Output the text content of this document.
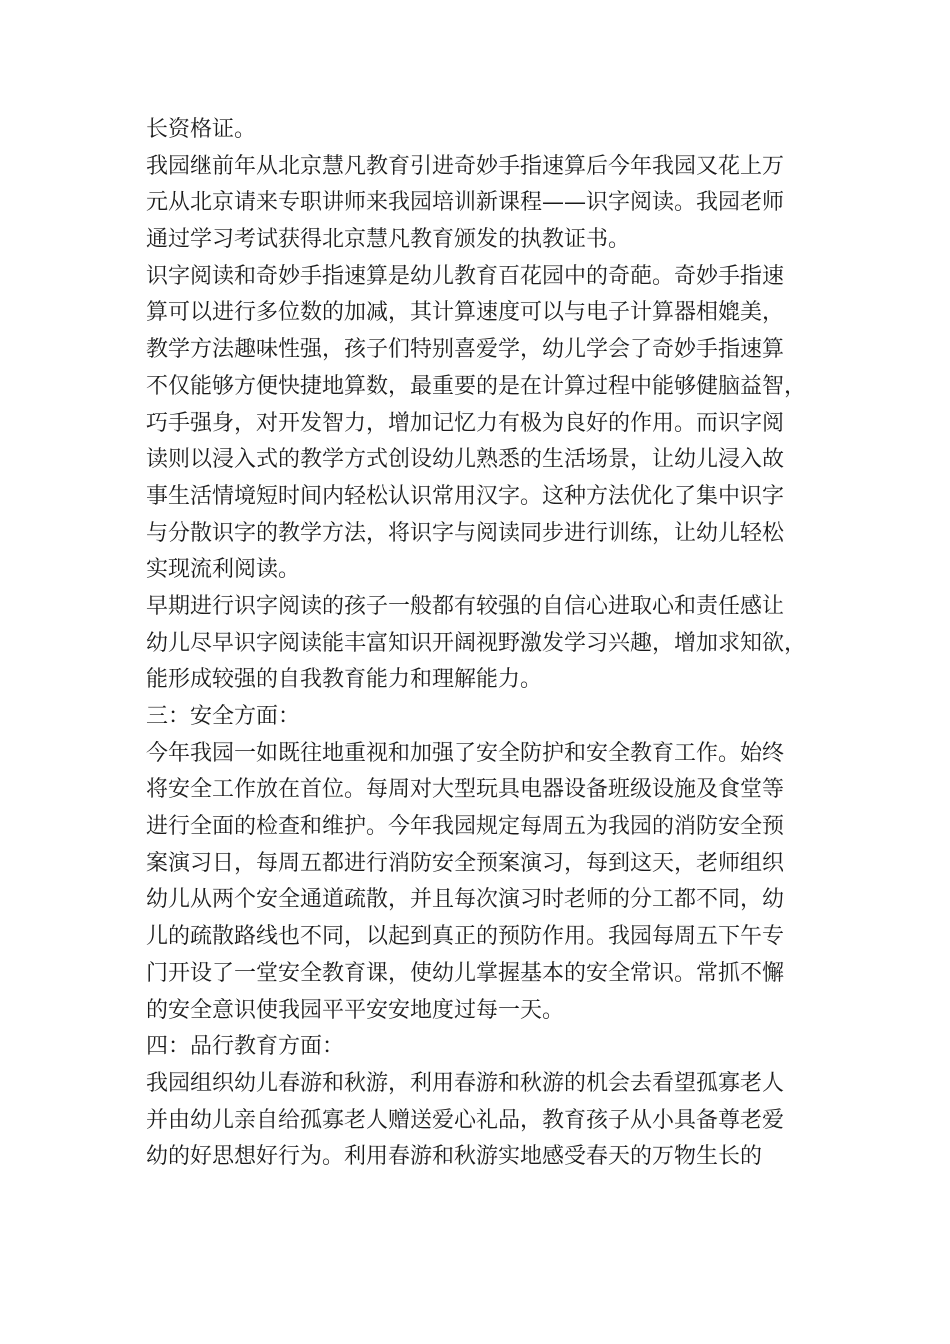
长资格证。
我园继前年从北京慧凡教育引进奇妙手指速算后今年我园又花上万
元从北京请来专职讲师来我园培训新课程——识字阅读。我园老师
通过学习考试获得北京慧凡教育颁发的执教证书。
识字阅读和奇妙手指速算是幼儿教育百花园中的奇葩。奇妙手指速
算可以进行多位数的加减，其计算速度可以与电子计算器相媲美，
教学方法趣味性强，孩子们特别喜爱学，幼儿学会了奇妙手指速算
不仅能够方便快捷地算数，最重要的是在计算过程中能够健脑益智，
巧手强身，对开发智力，增加记忆力有极为良好的作用。而识字阅
读则以浸入式的教学方式创设幼儿熟悉的生活场景，让幼儿浸入故
事生活情境短时间内轻松认识常用汉字。这种方法优化了集中识字
与分散识字的教学方法，将识字与阅读同步进行训练，让幼儿轻松
实现流利阅读。
早期进行识字阅读的孩子一般都有较强的自信心进取心和责任感让
幼儿尽早识字阅读能丰富知识开阔视野激发学习兴趣，增加求知欲，
能形成较强的自我教育能力和理解能力。
三：安全方面：
今年我园一如既往地重视和加强了安全防护和安全教育工作。始终
将安全工作放在首位。每周对大型玩具电器设备班级设施及食堂等
进行全面的检查和维护。今年我园规定每周五为我园的消防安全预
案演习日，每周五都进行消防安全预案演习，每到这天，老师组织
幼儿从两个安全通道疏散，并且每次演习时老师的分工都不同，幼
儿的疏散路线也不同，以起到真正的预防作用。我园每周五下午专
门开设了一堂安全教育课，使幼儿掌握基本的安全常识。常抓不懈
的安全意识使我园平平安安地度过每一天。
四：品行教育方面：
我园组织幼儿春游和秋游，利用春游和秋游的机会去看望孤寡老人
并由幼儿亲自给孤寡老人赠送爱心礼品，教育孩子从小具备尊老爱
幼的好思想好行为。利用春游和秋游实地感受春天的万物生长的
